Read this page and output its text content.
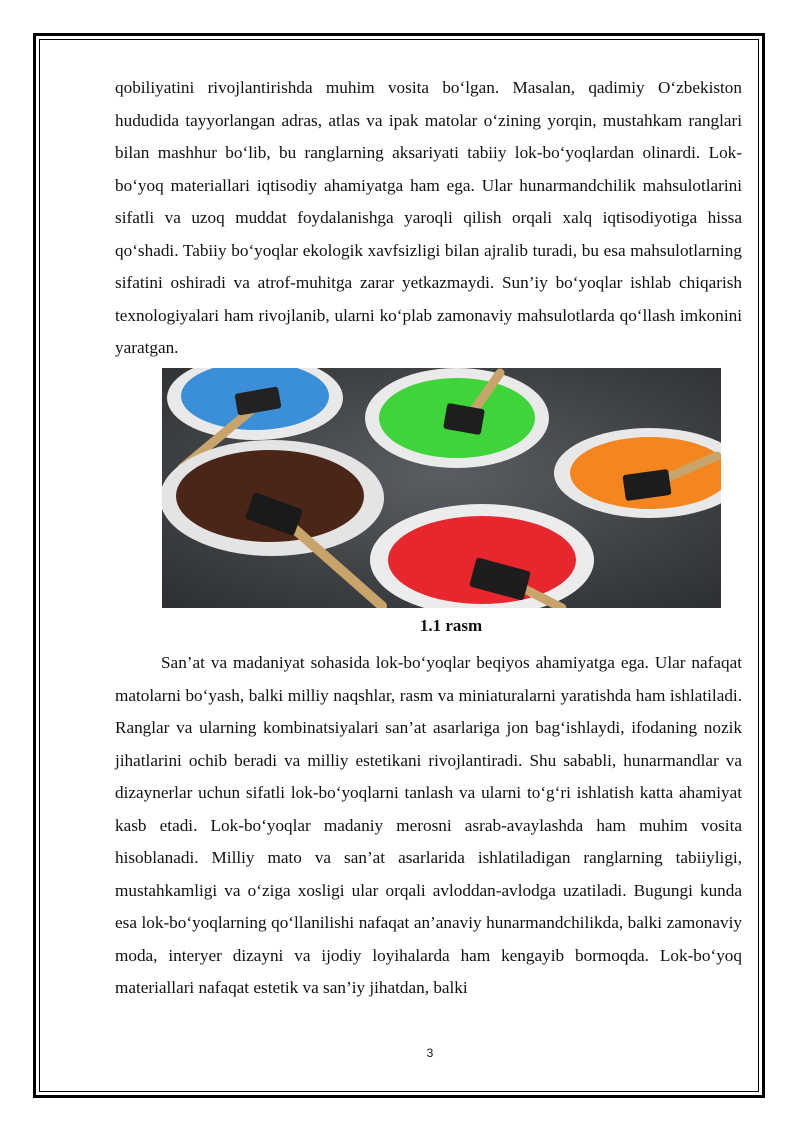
qobiliyatini rivojlantirishda muhim vosita bo‘lgan. Masalan, qadimiy O‘zbekiston hududida tayyorlangan adras, atlas va ipak matolar o‘zining yorqin, mustahkam ranglari bilan mashhur bo‘lib, bu ranglarning aksariyati tabiiy lok-bo‘yoqlardan olinardi. Lok-bo‘yoq materiallari iqtisodiy ahamiyatga ham ega. Ular hunarmandchilik mahsulotlarini sifatli va uzoq muddat foydalanishga yaroqli qilish orqali xalq iqtisodiyotiga hissa qo‘shadi. Tabiiy bo‘yoqlar ekologik xavfsizligi bilan ajralib turadi, bu esa mahsulotlarning sifatini oshiradi va atrof-muhitga zarar yetkazmaydi. Sun’iy bo‘yoqlar ishlab chiqarish texnologiyalari ham rivojlanib, ularni ko‘plab zamonaviy mahsulotlarda qo‘llash imkonini yaratgan.

1.1 rasm

San’at va madaniyat sohasida lok-bo‘yoqlar beqiyos ahamiyatga ega. Ular nafaqat matolarni bo‘yash, balki milliy naqshlar, rasm va miniaturalarni yaratishda ham ishlatiladi. Ranglar va ularning kombinatsiyalari san’at asarlariga jon bag‘ishlaydi, ifodaning nozik jihatlarini ochib beradi va milliy estetikani rivojlantiradi. Shu sababli, hunarmandlar va dizaynerlar uchun sifatli lok-bo‘yoqlarni tanlash va ularni to‘g‘ri ishlatish katta ahamiyat kasb etadi. Lok-bo‘yoqlar madaniy merosni asrab-avaylashda ham muhim vosita hisoblanadi. Milliy mato va san’at asarlarida ishlatiladigan ranglarning tabiiyligi, mustahkamligi va o‘ziga xosligi ular orqali avloddan-avlodga uzatiladi. Bugungi kunda esa lok-bo‘yoqlarning qo‘llanilishi nafaqat an’anaviy hunarmandchilikda, balki zamonaviy moda, interyer dizayni va ijodiy loyihalarda ham kengayib bormoqda. Lok-bo‘yoq materiallari nafaqat estetik va san’iy jihatdan, balki

3
